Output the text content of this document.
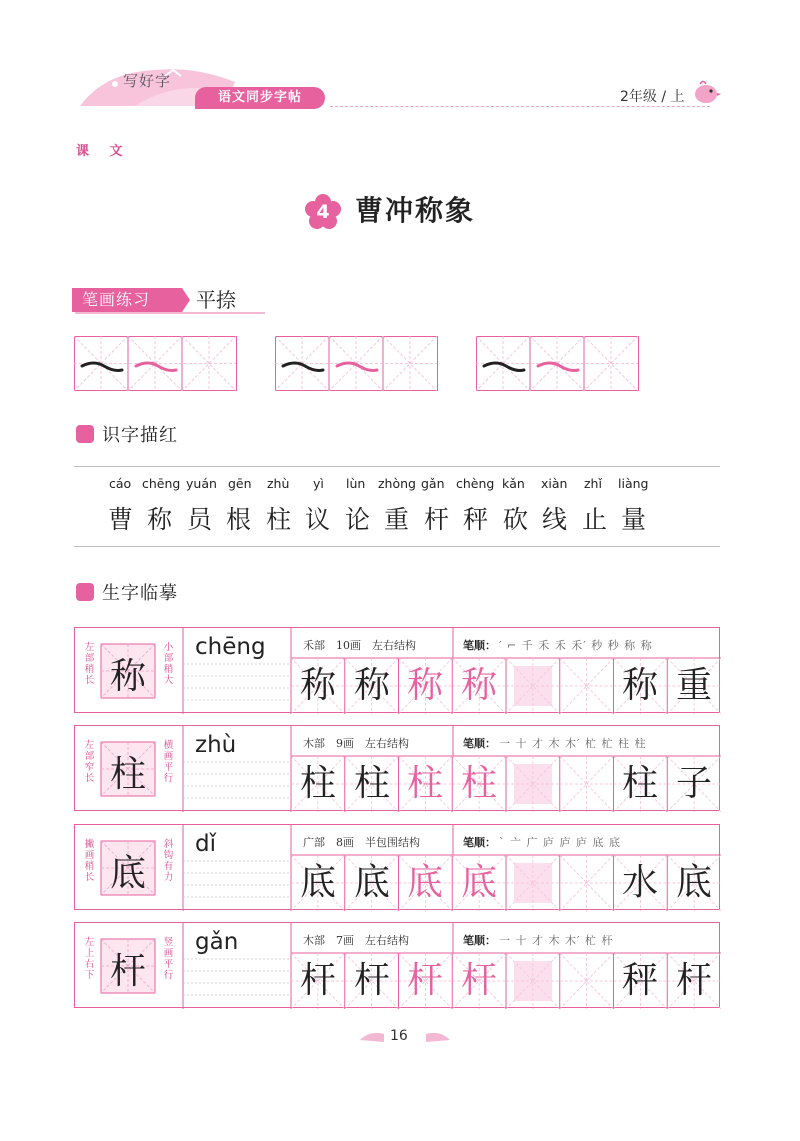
写好字
语文同步字帖	2年级 / 上
课 文
4 曹冲称象
笔画练习	平捺
识字描红
cáo chēng yuán gēn zhù yì lùn zhòng gǎn chèng kǎn xiàn zhǐ liàng
曹 称 员 根 柱 议 论 重 杆 秤 砍 线 止 量
生字临摹
左部稍长
小部稍大
称
chēng	禾部　10画　左右结构	笔顺： ′ ⌐ 千 禾 禾 禾′ 秒 秒 称 称
称 称 称 称	称 重
左部窄长
横画平行
柱
zhù	木部　9画　左右结构	笔顺： 一 十 才 木 木′ 杧 杧 柱 柱
柱 柱 柱 柱	柱 子
撇画稍长
斜钩有力
底
dǐ	广部　8画　半包围结构	笔顺： ` 亠 广 庐 庐 庐 底 底
底 底 底 底	水 底
左上右下
竖画平行
杆
gǎn	木部　7画　左右结构	笔顺： 一 十 才 木 木′ 杧 杆
杆 杆 杆 杆	秤 杆
16
